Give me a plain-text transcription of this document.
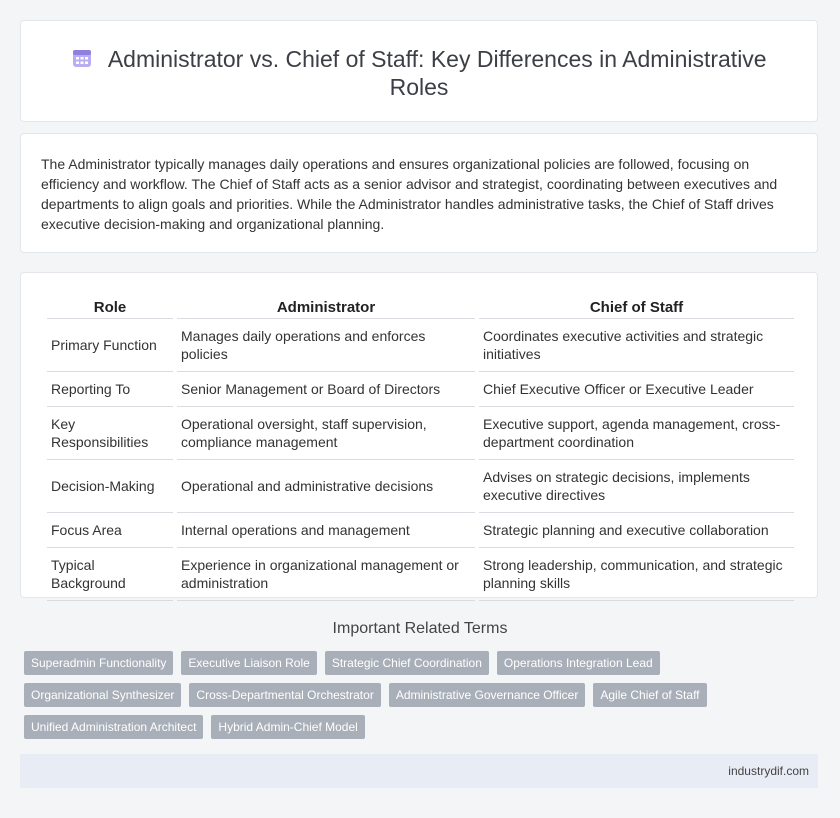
Administrator vs. Chief of Staff: Key Differences in Administrative Roles

The Administrator typically manages daily operations and ensures organizational policies are followed, focusing on efficiency and workflow. The Chief of Staff acts as a senior advisor and strategist, coordinating between executives and departments to align goals and priorities. While the Administrator handles administrative tasks, the Chief of Staff drives executive decision-making and organizational planning.

Role	Administrator	Chief of Staff
Primary Function	Manages daily operations and enforces policies	Coordinates executive activities and strategic initiatives
Reporting To	Senior Management or Board of Directors	Chief Executive Officer or Executive Leader
Key Responsibilities	Operational oversight, staff supervision, compliance management	Executive support, agenda management, cross-department coordination
Decision-Making	Operational and administrative decisions	Advises on strategic decisions, implements executive directives
Focus Area	Internal operations and management	Strategic planning and executive collaboration
Typical Background	Experience in organizational management or administration	Strong leadership, communication, and strategic planning skills
Important Related Terms
Superadmin Functionality	Executive Liaison Role	Strategic Chief Coordination	Operations Integration Lead
Organizational Synthesizer	Cross-Departmental Orchestrator	Administrative Governance Officer	Agile Chief of Staff
Unified Administration Architect	Hybrid Admin-Chief Model
industrydif.com
